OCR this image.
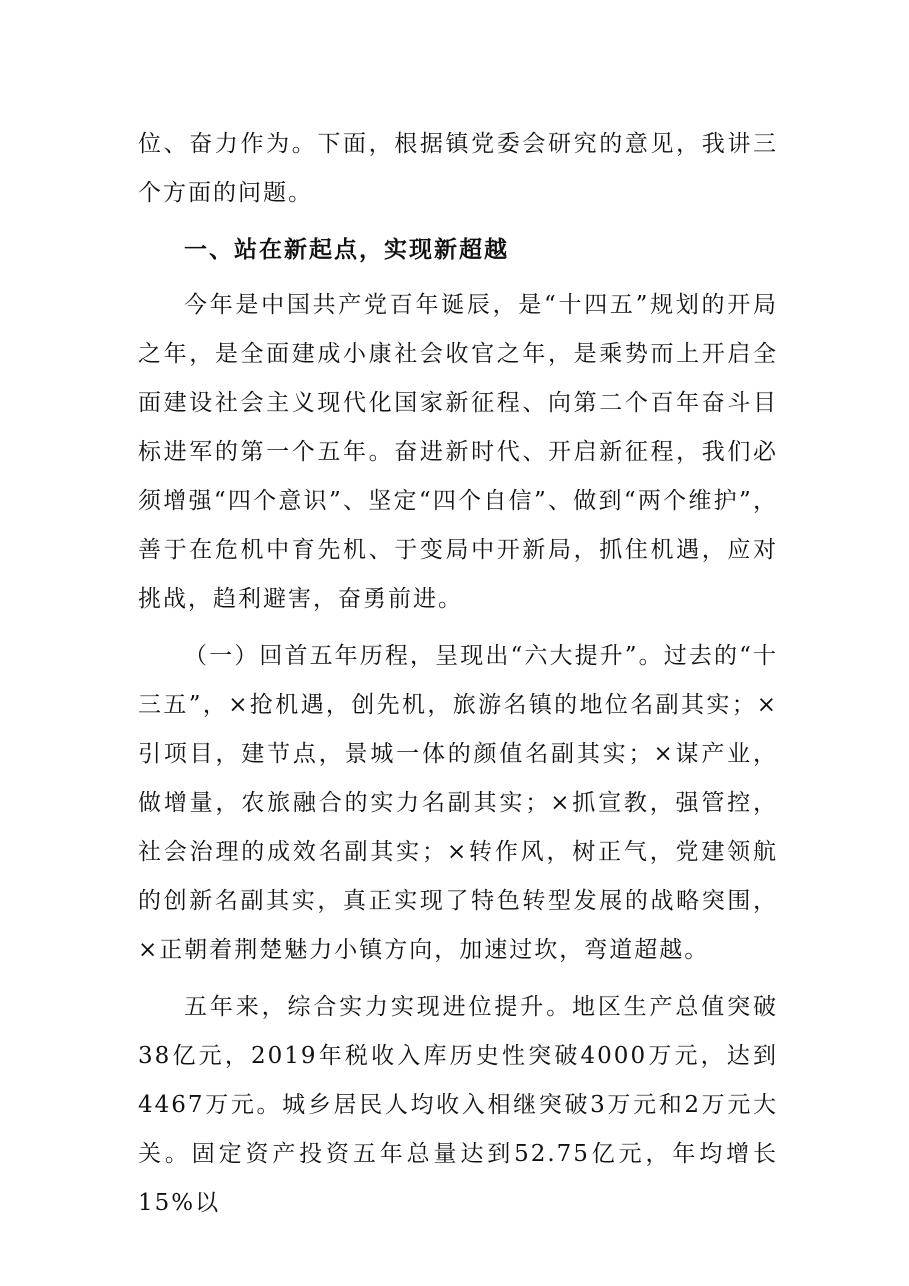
位、奋力作为。下面，根据镇党委会研究的意见，我讲三个方面的问题。

一、站在新起点，实现新超越

今年是中国共产党百年诞辰，是“十四五”规划的开局之年，是全面建成小康社会收官之年，是乘势而上开启全面建设社会主义现代化国家新征程、向第二个百年奋斗目标进军的第一个五年。奋进新时代、开启新征程，我们必须增强“四个意识”、坚定“四个自信”、做到“两个维护”，善于在危机中育先机、于变局中开新局，抓住机遇，应对挑战，趋利避害，奋勇前进。

（一）回首五年历程，呈现出“六大提升”。过去的“十三五”，×抢机遇，创先机，旅游名镇的地位名副其实；×引项目，建节点，景城一体的颜值名副其实；×谋产业，做增量，农旅融合的实力名副其实；×抓宣教，强管控，社会治理的成效名副其实；×转作风，树正气，党建领航的创新名副其实，真正实现了特色转型发展的战略突围，×正朝着荆楚魅力小镇方向，加速过坎，弯道超越。

五年来，综合实力实现进位提升。地区生产总值突破38亿元，2019年税收入库历史性突破4000万元，达到4467万元。城乡居民人均收入相继突破3万元和2万元大关。固定资产投资五年总量达到52.75亿元，年均增长15%以
